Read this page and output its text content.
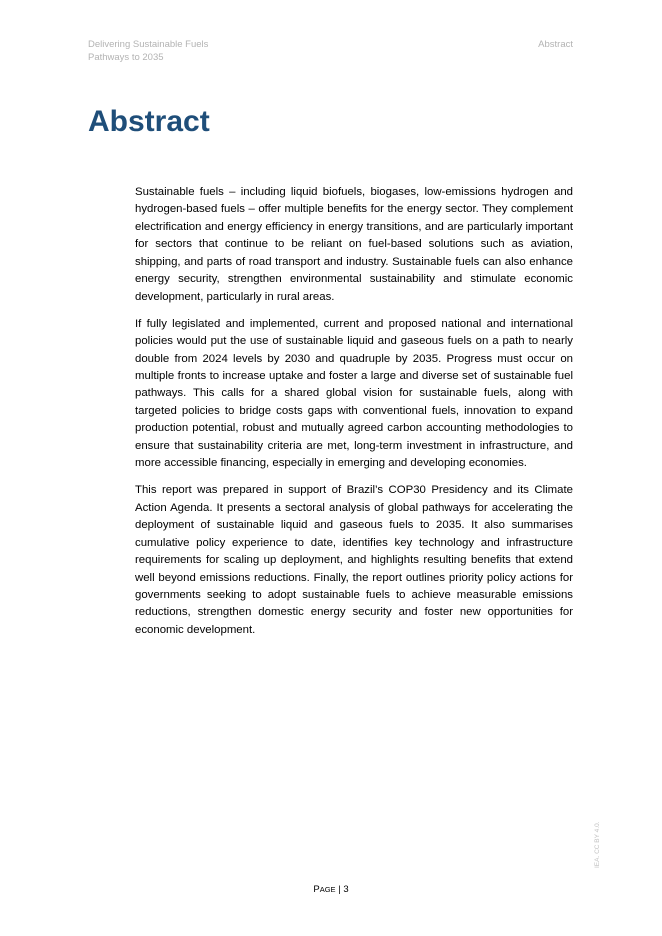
Delivering Sustainable Fuels
Pathways to 2035
Abstract
Abstract

Sustainable fuels – including liquid biofuels, biogases, low-emissions hydrogen and hydrogen-based fuels – offer multiple benefits for the energy sector. They complement electrification and energy efficiency in energy transitions, and are particularly important for sectors that continue to be reliant on fuel-based solutions such as aviation, shipping, and parts of road transport and industry. Sustainable fuels can also enhance energy security, strengthen environmental sustainability and stimulate economic development, particularly in rural areas.

If fully legislated and implemented, current and proposed national and international policies would put the use of sustainable liquid and gaseous fuels on a path to nearly double from 2024 levels by 2030 and quadruple by 2035. Progress must occur on multiple fronts to increase uptake and foster a large and diverse set of sustainable fuel pathways. This calls for a shared global vision for sustainable fuels, along with targeted policies to bridge costs gaps with conventional fuels, innovation to expand production potential, robust and mutually agreed carbon accounting methodologies to ensure that sustainability criteria are met, long-term investment in infrastructure, and more accessible financing, especially in emerging and developing economies.

This report was prepared in support of Brazil’s COP30 Presidency and its Climate Action Agenda. It presents a sectoral analysis of global pathways for accelerating the deployment of sustainable liquid and gaseous fuels to 2035. It also summarises cumulative policy experience to date, identifies key technology and infrastructure requirements for scaling up deployment, and highlights resulting benefits that extend well beyond emissions reductions. Finally, the report outlines priority policy actions for governments seeking to adopt sustainable fuels to achieve measurable emissions reductions, strengthen domestic energy security and foster new opportunities for economic development.

PAGE | 3
IEA. CC BY 4.0.
